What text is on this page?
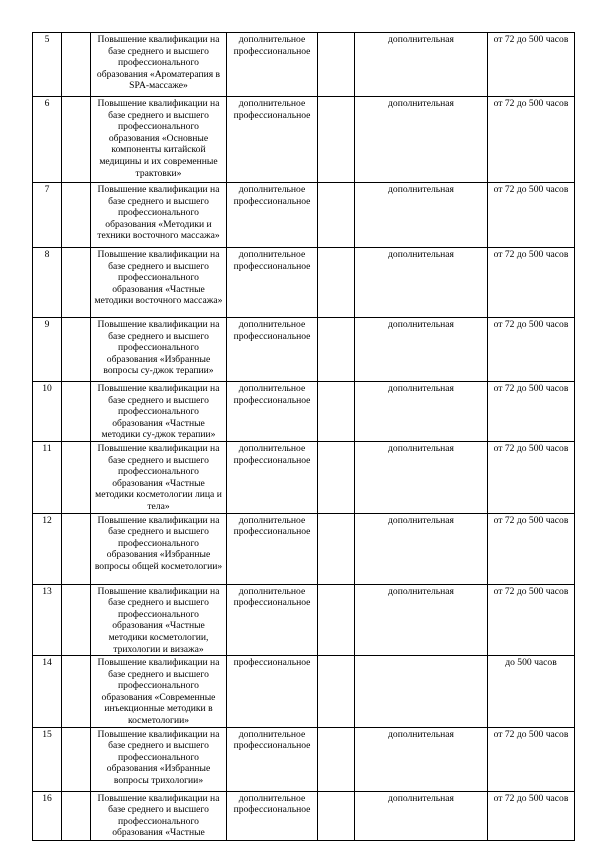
5		Повышение квалификации на базе среднего и высшего профессионального образования «Ароматерапия в SPA-массаже»	дополнительное профессиональное		дополнительная	от 72 до 500 часов
6		Повышение квалификации на базе среднего и высшего профессионального образования «Основные компоненты китайской медицины и их современные трактовки»	дополнительное профессиональное		дополнительная	от 72 до 500 часов
7		Повышение квалификации на базе среднего и высшего профессионального образования «Методики и техники восточного массажа»	дополнительное профессиональное		дополнительная	от 72 до 500 часов
8		Повышение квалификации на базе среднего и высшего профессионального образования «Частные методики восточного массажа»	дополнительное профессиональное		дополнительная	от 72 до 500 часов
9		Повышение квалификации на базе среднего и высшего профессионального образования «Избранные вопросы су-джок терапии»	дополнительное профессиональное		дополнительная	от 72 до 500 часов
10		Повышение квалификации на базе среднего и высшего профессионального образования «Частные методики су-джок терапии»	дополнительное профессиональное		дополнительная	от 72 до 500 часов
11		Повышение квалификации на базе среднего и высшего профессионального образования «Частные методики косметологии лица и тела»	дополнительное профессиональное		дополнительная	от 72 до 500 часов
12		Повышение квалификации на базе среднего и высшего профессионального образования «Избранные вопросы общей косметологии»	дополнительное профессиональное		дополнительная	от 72 до 500 часов
13		Повышение квалификации на базе среднего и высшего профессионального образования «Частные методики косметологии, трихологии и визажа»	дополнительное профессиональное		дополнительная	от 72 до 500 часов
14		Повышение квалификации на базе среднего и высшего профессионального образования «Современные инъекционные методики в косметологии»	профессиональное			до 500 часов
15		Повышение квалификации на базе среднего и высшего профессионального образования «Избранные вопросы трихологии»	дополнительное профессиональное		дополнительная	от 72 до 500 часов
16		Повышение квалификации на базе среднего и высшего профессионального образования «Частные	дополнительное профессиональное		дополнительная	от 72 до 500 часов
